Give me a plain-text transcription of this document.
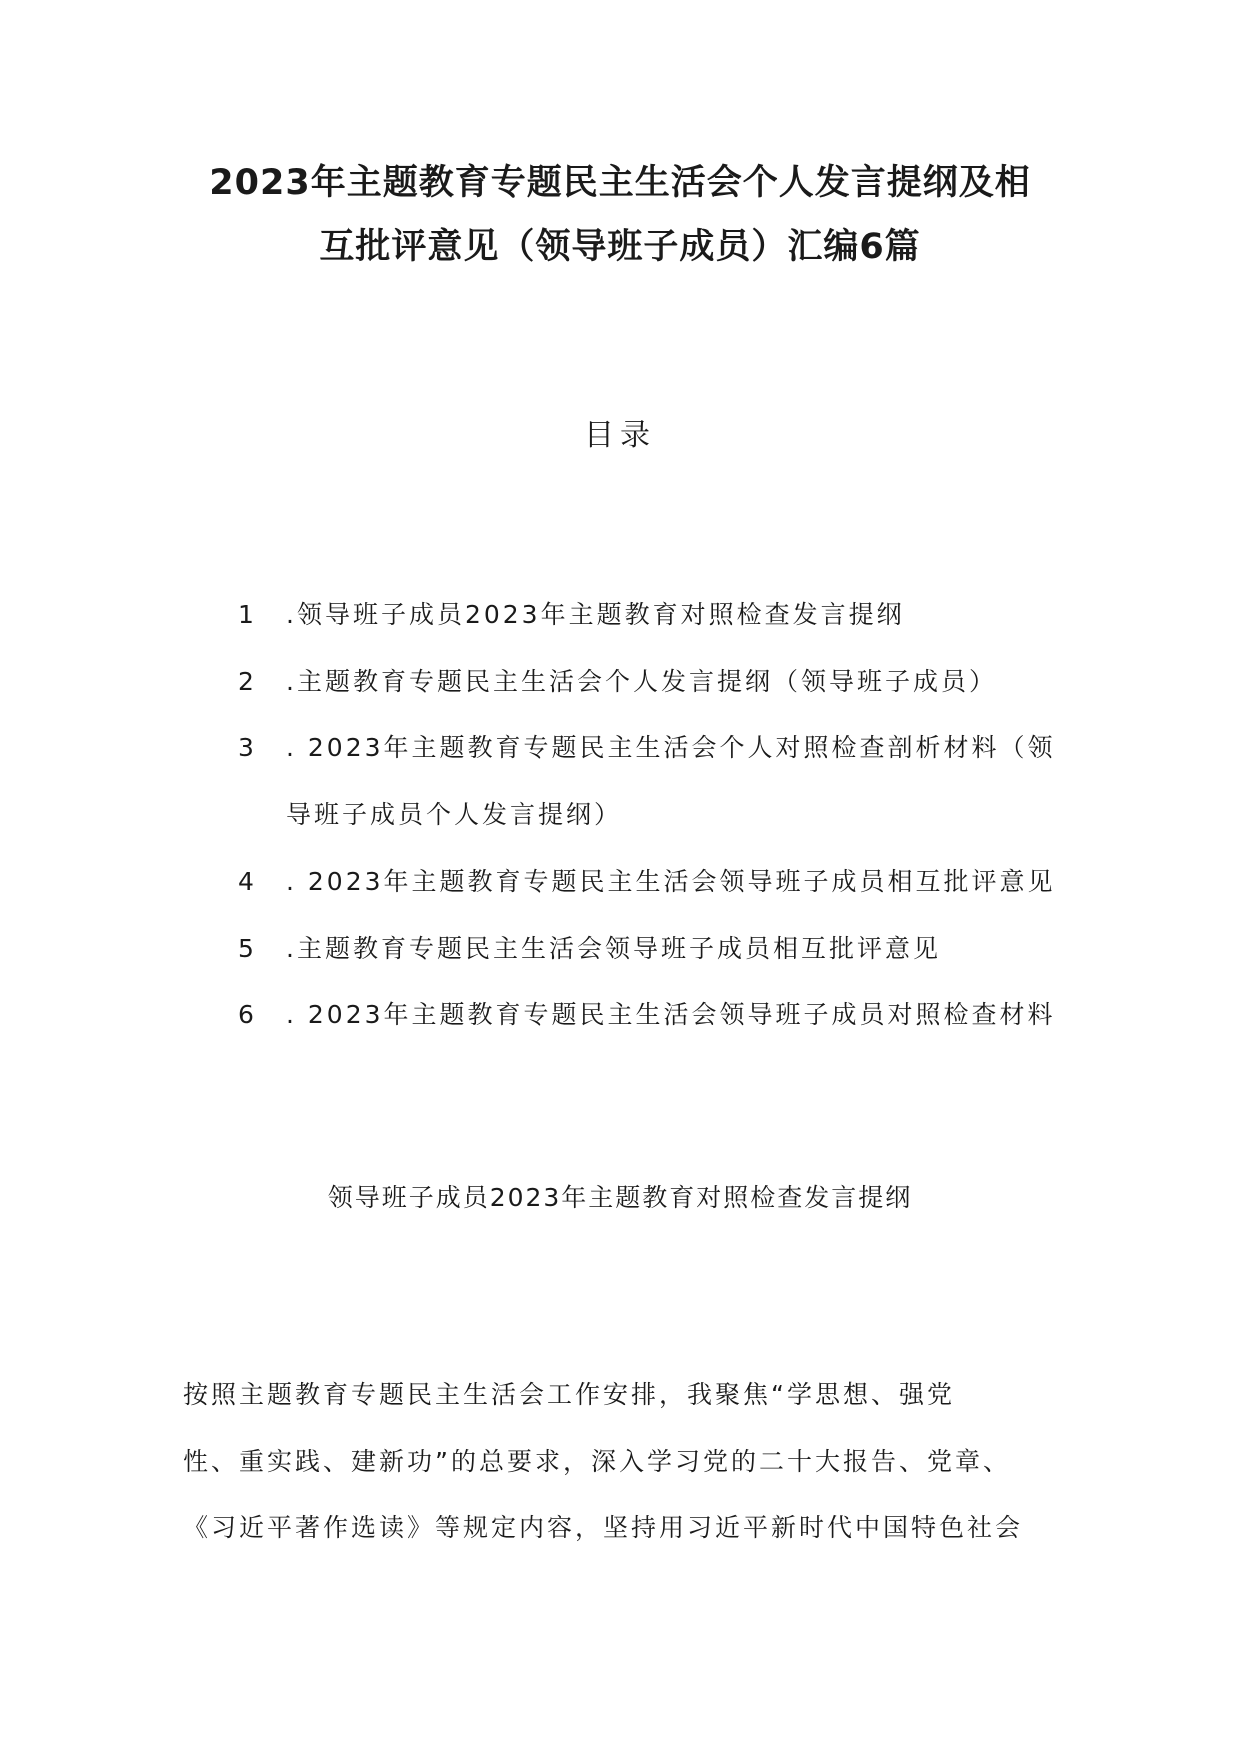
2023年主题教育专题民主生活会个人发言提纲及相
互批评意见（领导班子成员）汇编6篇
目录
1 .领导班子成员2023年主题教育对照检查发言提纲
2 .主题教育专题民主生活会个人发言提纲（领导班子成员）
3 . 2023年主题教育专题民主生活会个人对照检查剖析材料（领
导班子成员个人发言提纲）
4 . 2023年主题教育专题民主生活会领导班子成员相互批评意见
5 .主题教育专题民主生活会领导班子成员相互批评意见
6 . 2023年主题教育专题民主生活会领导班子成员对照检查材料
领导班子成员2023年主题教育对照检查发言提纲
按照主题教育专题民主生活会工作安排，我聚焦“学思想、强党
性、重实践、建新功”的总要求，深入学习党的二十大报告、党章、
《习近平著作选读》等规定内容，坚持用习近平新时代中国特色社会
